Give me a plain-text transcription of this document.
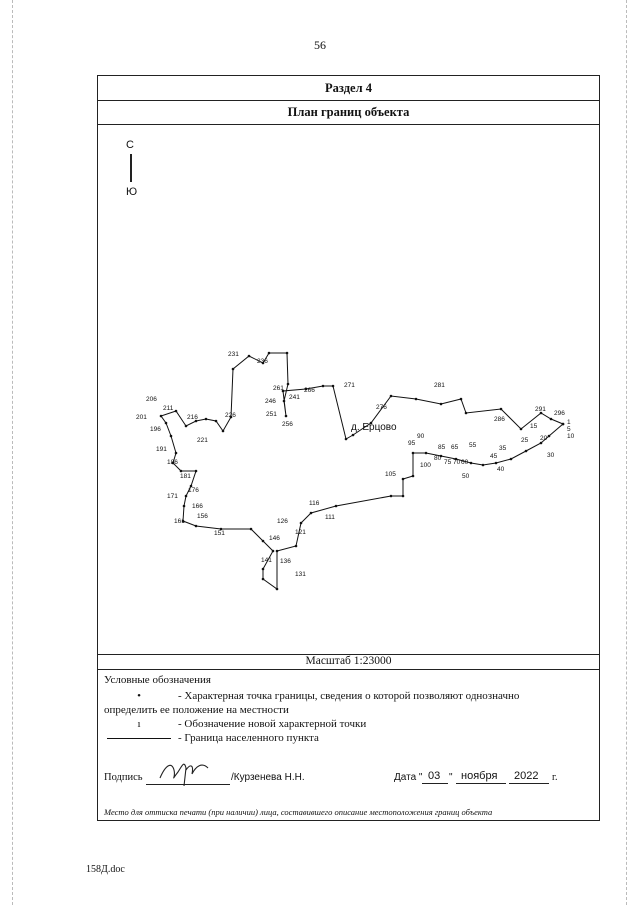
56
Раздел 4
План границ объекта
С
Ю
1
5
10
15
20
25
30
35
40
45
50
55
60
65
70
75
80
85
90
95
100
105
111
116
121
126
131
136
141
146
151
156
161
166
171
176
181
186
191
196
201
206
211
216
221
226
231
236
241
246
251
256
261	266
271
276
281
286
291
296
д. Ерцово
Масштаб 1:23000
Условные обозначения
•	- Характерная точка границы, сведения о которой позволяют однозначно
определить ее положение на местности
ı	- Обозначение новой характерной точки
- Граница населенного пункта
Подпись	/Курзенева Н.Н.	Дата " 03 " ноября 2022 г.
Место для оттиска печати (при наличии) лица, составившего описание местоположения границ объекта
158Д.doc
